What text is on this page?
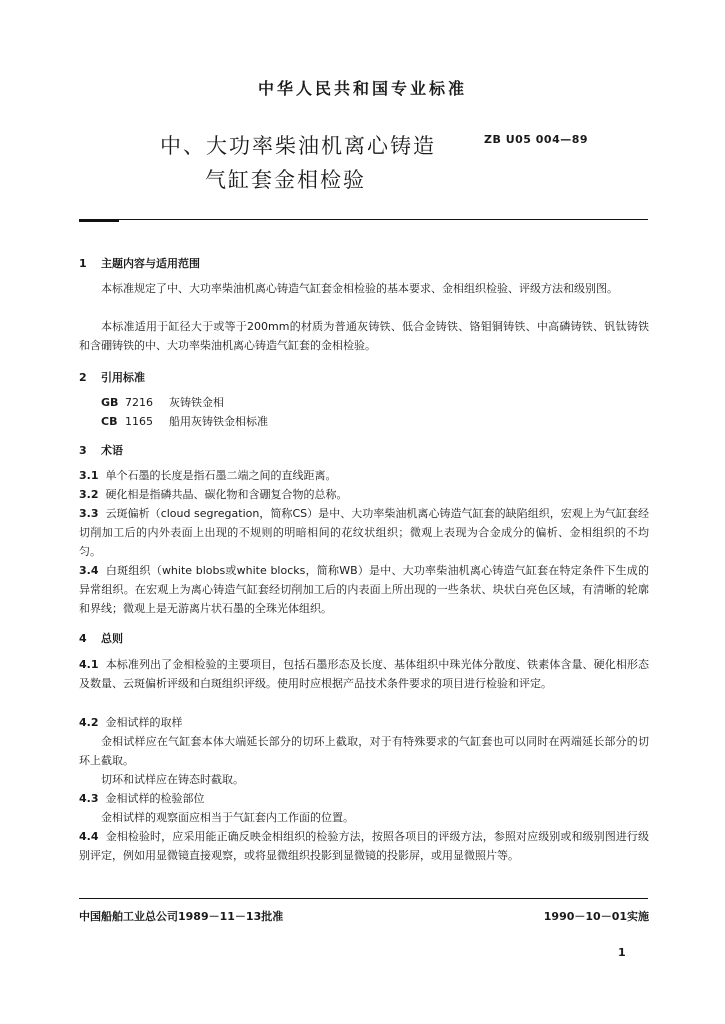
中华人民共和国专业标准
中、大功率柴油机离心铸造
气缸套金相检验
ZB U05 004—89
1 主题内容与适用范围
本标准规定了中、大功率柴油机离心铸造气缸套金相检验的基本要求、金相组织检验、评级方法和级别图。
本标准适用于缸径大于或等于200mm的材质为普通灰铸铁、低合金铸铁、铬钼铜铸铁、中高磷铸铁、钒钛铸铁和含硼铸铁的中、大功率柴油机离心铸造气缸套的金相检验。
2 引用标准
GB 7216 灰铸铁金相
CB 1165 船用灰铸铁金相标准
3 术语
3.1 单个石墨的长度是指石墨二端之间的直线距离。
3.2 硬化相是指磷共晶、碳化物和含硼复合物的总称。
3.3 云斑偏析（cloud segregation，简称CS）是中、大功率柴油机离心铸造气缸套的缺陷组织，宏观上为气缸套经切削加工后的内外表面上出现的不规则的明暗相间的花纹状组织；微观上表现为合金成分的偏析、金相组织的不均匀。
3.4 白斑组织（white blobs或white blocks，简称WB）是中、大功率柴油机离心铸造气缸套在特定条件下生成的异常组织。在宏观上为离心铸造气缸套经切削加工后的内表面上所出现的一些条状、块状白亮色区域，有清晰的轮廓和界线；微观上是无游离片状石墨的全珠光体组织。
4 总则
4.1 本标准列出了金相检验的主要项目，包括石墨形态及长度、基体组织中珠光体分散度、铁素体含量、硬化相形态及数量、云斑偏析评级和白斑组织评级。使用时应根据产品技术条件要求的项目进行检验和评定。
4.2 金相试样的取样
金相试样应在气缸套本体大端延长部分的切环上截取，对于有特殊要求的气缸套也可以同时在两端延长部分的切环上截取。
切环和试样应在铸态时截取。
4.3 金相试样的检验部位
金相试样的观察面应相当于气缸套内工作面的位置。
4.4 金相检验时，应采用能正确反映金相组织的检验方法，按照各项目的评级方法，参照对应级别或和级别图进行级别评定，例如用显微镜直接观察，或将显微组织投影到显微镜的投影屏，或用显微照片等。
中国船舶工业总公司1989－11－13批准	1990－10－01实施
1
